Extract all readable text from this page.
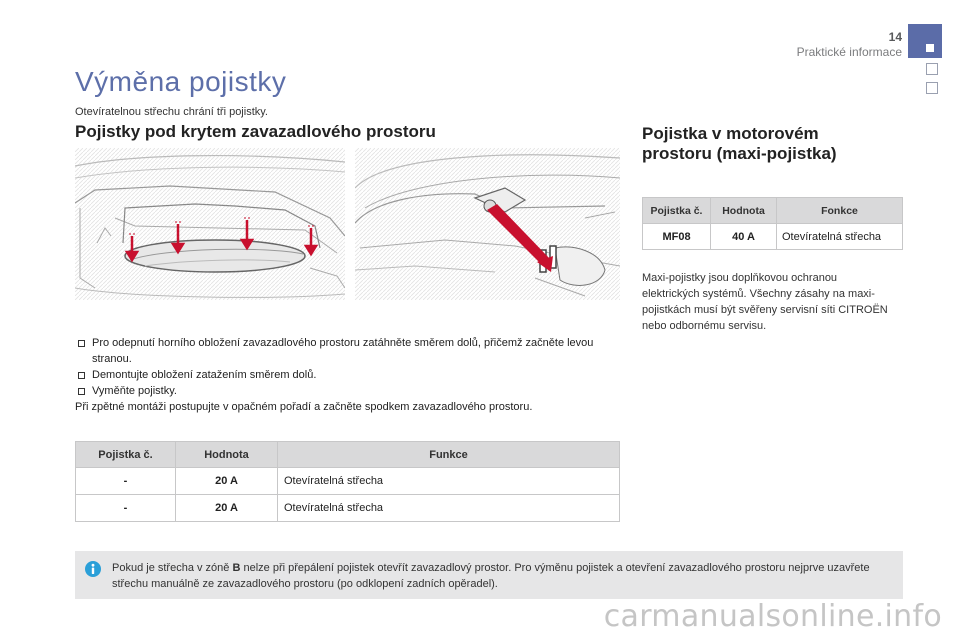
14
Praktické informace
Výměna pojistky
Otevíratelnou střechu chrání tři pojistky.
Pojistky pod krytem zavazadlového prostoru	Pojistka v motorovém prostoru (maxi-pojistka)
Pro odepnutí horního obložení zavazadlového prostoru zatáhněte směrem dolů, přičemž začněte levou stranou.
Demontujte obložení zatažením směrem dolů.
Vyměňte pojistky.
Při zpětné montáži postupujte v opačném pořadí a začněte spodkem zavazadlového prostoru.
Pojistka č.	Hodnota	Funkce
-	20 A	Otevíratelná střecha
-	20 A	Otevíratelná střecha
Pojistka č.	Hodnota	Fonkce
MF08	40 A	Otevíratelná střecha
Maxi-pojistky jsou doplňkovou ochranou elektrických systémů. Všechny zásahy na maxi-pojistkách musí být svěřeny servisní síti CITROËN nebo odbornému servisu.
Pokud je střecha v zóně B nelze při přepálení pojistek otevřít zavazadlový prostor. Pro výměnu pojistek a otevření zavazadlového prostoru nejprve uzavřete střechu manuálně ze zavazadlového prostoru (po odklopení zadních opěradel).
carmanualsonline.info
